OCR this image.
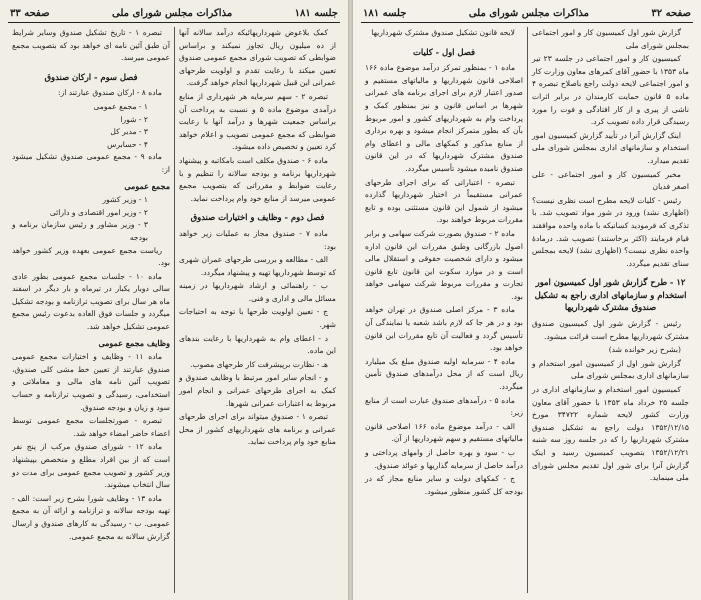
صفحه ۳۲
مذاکرات مجلس شورای ملی
جلسه ۱۸۱

گزارش شور اول کمیسیون کار و امور اجتماعی بمجلس شورای ملی

کمیسیون کار و امور اجتماعی در جلسه ۲۳ تیر ماه ۱۳۵۳ با حضور آقای کمرهای معاون وزارت کار و امور اجتماعی لایحه دولت راجع باصلاح تبصره ۴ ماده ۵ قانون حمایت کارمندان در برابر اثرات ناشی از پیری و از کار افتادگی و فوت را مورد رسیدگی قرار داده تصویب کرد.

اینک گزارش آنرا در تأیید گزارش کمیسیون امور استخدام و سازمانهای اداری بمجلس شورای ملی تقدیم میدارد.

مخبر کمیسیون کار و امور اجتماعی - علی اصغر فدیان

رئیس - کلیات لایحه مطرح است نظری نیست؟ (اظهاری نشد) ورود در شور مواد تصویب شد. با تذکری که فرمودید کسانیکه با ماده واحده موافقند قیام فرمایند (اکثر برخاستند) تصویب شد. درمادهٔ واحده نظری نیست؟ (اظهاری نشد) لایحه بمجلس سنای تقدیم میگردد.

۱۲ - طرح گزارش شور اول کمیسیون امور استخدام و سازمانهای اداری راجع به تشکیل صندوق مشترک شهرداریها

رئیس - گزارش شور اول کمیسیون صندوق مشترک شهرداریها مطرح است قرائت میشود.

(بشرح زیر خوانده شد)

گزارش شور اول از کمیسیون امور استخدام و سازمانهای اداری بمجلس شورای ملی

کمیسیون امور استخدام و سازمانهای اداری در جلسه ۲۵ خرداد ماه ۱۳۵۳ با حضور آقای معاون وزارت کشور لایحه شماره ۳۴۷۲۲ مورخ ۱۳۵۲/۱۲/۱۵ دولت راجع به تشکیل صندوق مشترک شهرداریها را که در جلسه روز سه شنبه ۱۳۵۲/۱۲/۲۱ بتصویب کمیسیون رسید و اینک گزارش آنرا برای شور اول تقدیم مجلس شورای ملی مینماید.

لایحه قانون تشکیل صندوق مشترک شهرداریها

فصل اول - کلیات

ماده ۱ - بمنظور تمرکز درآمد موضوع ماده ۱۶۶ اصلاحی قانون شهرداریها و مالیاتهای مستقیم و صدور اعتبار لازم برای اجرای برنامه های عمرانی شهرها بر اساس قانون و نیز بمنظور کمک و پرداخت وام به شهرداریهای کشور و امور مربوط بآن که بطور متمرکز انجام میشود و بهره برداری از منابع مذکور و کمکهای مالی و اعطای وام صندوق مشترک شهرداریها که در این قانون صندوق نامیده میشود تأسیس میگردد.

تبصره - اعتباراتی که برای اجرای طرحهای عمرانی مستقیماً در اختیار شهرداریها گذارده میشود از شمول این قانون مستثنی بوده و تابع مقررات مربوط خواهند بود.

ماده ۲ - صندوق بصورت شرکت سهامی و برابر اصول بازرگانی وطبق مقررات این قانون اداره میشود و دارای شخصیت حقوقی و استقلال مالی است و در موارد سکوت این قانون تابع قانون تجارت و مقررات مربوط شرکت سهامی خواهد بود.

ماده ۳ - مرکز اصلی صندوق در تهران خواهد بود و در هر جا که لازم باشد شعبه یا نمایندگی آن تأسیس گردد و فعالیت آن تابع مقررات این قانون خواهد بود.

ماده ۴ - سرمایه اولیه صندوق مبلغ یک میلیارد ریال است که از محل درآمدهای صندوق تأمین میگردد.

ماده ۵ - درآمدهای صندوق عبارت است از منابع زیر:

الف - درآمد موضوع ماده ۱۶۶ اصلاحی قانون مالیاتهای مستقیم و سهم شهرداریها از آن.

ب - سود و بهره حاصل از وامهای پرداختی و درآمد حاصل از سرمایه گذاریها و عوائد صندوق.

ج - کمکهای دولت و سایر منابع مجاز که در بودجه کل کشور منظور میشود.

جلسه ۱۸۱
مذاکرات مجلس شورای ملی
صفحه ۳۳

کمک بلاعوض شهرداریهائیکه درآمد سالانه آنها از ده میلیون ریال تجاوز نمیکند و براساس ضوابطی که تصویب شورای مجمع عمومی صندوق تعیین میکند با رعایت تقدم و اولویت طرحهای عمرانی این قبیل شهرداریها انجام خواهد گرفت.

تبصره ۲ - سهم سرمایه هر شهرداری از منابع درآمدی موضوع ماده ۵ و نسبت به پرداخت آن براساس جمعیت شهرها و درآمد آنها با رعایت ضوابطی که مجمع عمومی تصویب و اعلام خواهد کرد تعیین و تخصیص داده میشود.

ماده ۶ - صندوق مکلف است بامکاتبه و پیشنهاد شهرداریها برنامه و بودجه سالانه را تنظیم و با رعایت ضوابط و مقرراتی که بتصویب مجمع عمومی میرسد از منابع خود وام پرداخت نماید.

فصل دوم - وظایف و اختیارات صندوق

ماده ۷ - صندوق مجاز به عملیات زیر خواهد بود:

الف - مطالعه و بررسی طرحهای عمران شهری که توسط شهرداریها تهیه و پیشنهاد میگردد.

ب - راهنمائی و ارشاد شهرداریها در زمینه مسائل مالی و اداری و فنی.

ج - تعیین اولویت طرحها با توجه به احتیاجات شهر.

د - اعطای وام به شهرداریها با رعایت بندهای این ماده.

هـ - نظارت برپیشرفت کار طرحهای مصوب.

و - انجام سایر امور مرتبط با وظایف صندوق و کمک به اجرای طرحهای عمرانی و انجام امور مربوط به اعتبارات عمرانی شهرها.

تبصره ۱ - صندوق میتواند برای اجرای طرحهای عمرانی و برنامه های شهرداریهای کشور از محل منابع خود وام پرداخت نماید.

تبصره ۱ - تاریخ تشکیل صندوق وسایر شرایط آن طبق آئین نامه ای خواهد بود که بتصویب مجمع عمومی میرسد.

فصل سوم - ارکان صندوق

ماده ۸ - ارکان صندوق عبارتند از:

۱ - مجمع عمومی

۲ - شورا

۳ - مدیر کل

۴ - حسابرس

ماده ۹ - مجمع عمومی صندوق تشکیل میشود از:

مجمع عمومی

۱ - وزیر کشور

۲ - وزیر امور اقتصادی و دارائی

۳ - وزیر مشاور و رئیس سازمان برنامه و بودجه

ریاست مجمع عمومی بعهده وزیر کشور خواهد بود.

ماده ۱۰ - جلسات مجمع عمومی بطور عادی سالی دوبار یکبار در تیرماه و بار دیگر در اسفند ماه هر سال برای تصویب ترازنامه و بودجه تشکیل میگردد و جلسات فوق العاده بدعوت رئیس مجمع عمومی تشکیل خواهد شد.

وظایف مجمع عمومی

ماده ۱۱ - وظایف و اختیارات مجمع عمومی صندوق عبارتند از تعیین خط مشی کلی صندوق، تصویب آئین نامه های مالی و معاملاتی و استخدامی، رسیدگی و تصویب ترازنامه و حساب سود و زیان و بودجه صندوق.

تبصره - صورتجلسات مجمع عمومی توسط اعضاء حاضر امضاء خواهد شد.

ماده ۱۲ - شورای صندوق مرکب از پنج نفر است که از بین افراد مطلع و متخصص بپیشنهاد وزیر کشور و تصویب مجمع عمومی برای مدت دو سال انتخاب میشوند.

ماده ۱۳ - وظایف شورا بشرح زیر است: الف - تهیه بودجه سالانه و ترازنامه و ارائه آن به مجمع عمومی. ب - رسیدگی به کارهای صندوق و ارسال گزارش سالانه به مجمع عمومی.
